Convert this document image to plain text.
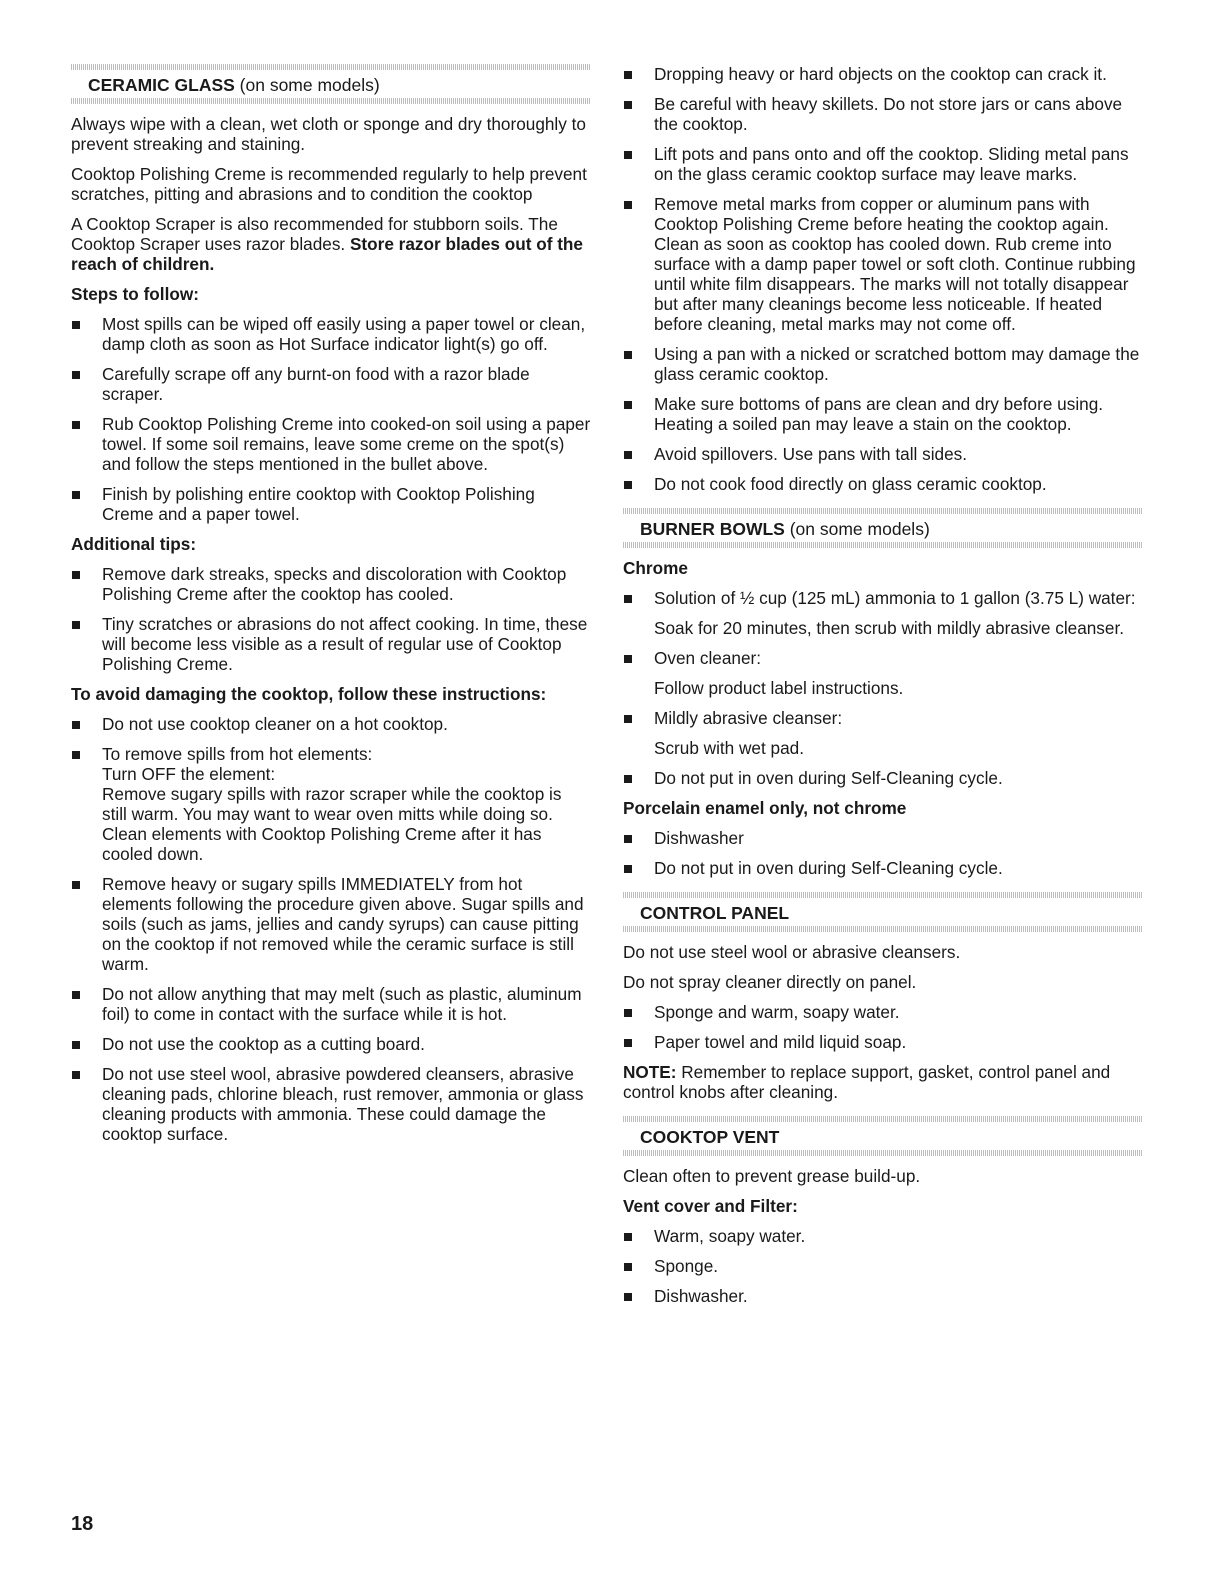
CERAMIC GLASS (on some models)

Always wipe with a clean, wet cloth or sponge and dry thoroughly to prevent streaking and staining.

Cooktop Polishing Creme is recommended regularly to help prevent scratches, pitting and abrasions and to condition the cooktop

A Cooktop Scraper is also recommended for stubborn soils. The Cooktop Scraper uses razor blades. Store razor blades out of the reach of children.

Steps to follow:
Most spills can be wiped off easily using a paper towel or clean, damp cloth as soon as Hot Surface indicator light(s) go off.
Carefully scrape off any burnt-on food with a razor blade scraper.
Rub Cooktop Polishing Creme into cooked-on soil using a paper towel. If some soil remains, leave some creme on the spot(s) and follow the steps mentioned in the bullet above.
Finish by polishing entire cooktop with Cooktop Polishing Creme and a paper towel.
Additional tips:
Remove dark streaks, specks and discoloration with Cooktop Polishing Creme after the cooktop has cooled.
Tiny scratches or abrasions do not affect cooking. In time, these will become less visible as a result of regular use of Cooktop Polishing Creme.
To avoid damaging the cooktop, follow these instructions:
Do not use cooktop cleaner on a hot cooktop.
To remove spills from hot elements:
Turn OFF the element:
Remove sugary spills with razor scraper while the cooktop is still warm. You may want to wear oven mitts while doing so.
Clean elements with Cooktop Polishing Creme after it has cooled down.
Remove heavy or sugary spills IMMEDIATELY from hot elements following the procedure given above. Sugar spills and soils (such as jams, jellies and candy syrups) can cause pitting on the cooktop if not removed while the ceramic surface is still warm.
Do not allow anything that may melt (such as plastic, aluminum foil) to come in contact with the surface while it is hot.
Do not use the cooktop as a cutting board.
Do not use steel wool, abrasive powdered cleansers, abrasive cleaning pads, chlorine bleach, rust remover, ammonia or glass cleaning products with ammonia. These could damage the cooktop surface.
Dropping heavy or hard objects on the cooktop can crack it.
Be careful with heavy skillets. Do not store jars or cans above the cooktop.
Lift pots and pans onto and off the cooktop. Sliding metal pans on the glass ceramic cooktop surface may leave marks.
Remove metal marks from copper or aluminum pans with Cooktop Polishing Creme before heating the cooktop again. Clean as soon as cooktop has cooled down. Rub creme into surface with a damp paper towel or soft cloth. Continue rubbing until white film disappears. The marks will not totally disappear but after many cleanings become less noticeable. If heated before cleaning, metal marks may not come off.
Using a pan with a nicked or scratched bottom may damage the glass ceramic cooktop.
Make sure bottoms of pans are clean and dry before using. Heating a soiled pan may leave a stain on the cooktop.
Avoid spillovers. Use pans with tall sides.
Do not cook food directly on glass ceramic cooktop.
BURNER BOWLS (on some models)
Chrome
Solution of ½ cup (125 mL) ammonia to 1 gallon (3.75 L) water:
Soak for 20 minutes, then scrub with mildly abrasive cleanser.
Oven cleaner:
Follow product label instructions.
Mildly abrasive cleanser:
Scrub with wet pad.
Do not put in oven during Self-Cleaning cycle.
Porcelain enamel only, not chrome
Dishwasher
Do not put in oven during Self-Cleaning cycle.
CONTROL PANEL

Do not use steel wool or abrasive cleansers.

Do not spray cleaner directly on panel.

Sponge and warm, soapy water.
Paper towel and mild liquid soap.

NOTE: Remember to replace support, gasket, control panel and control knobs after cleaning.

COOKTOP VENT

Clean often to prevent grease build-up.

Vent cover and Filter:
Warm, soapy water.
Sponge.
Dishwasher.
18
